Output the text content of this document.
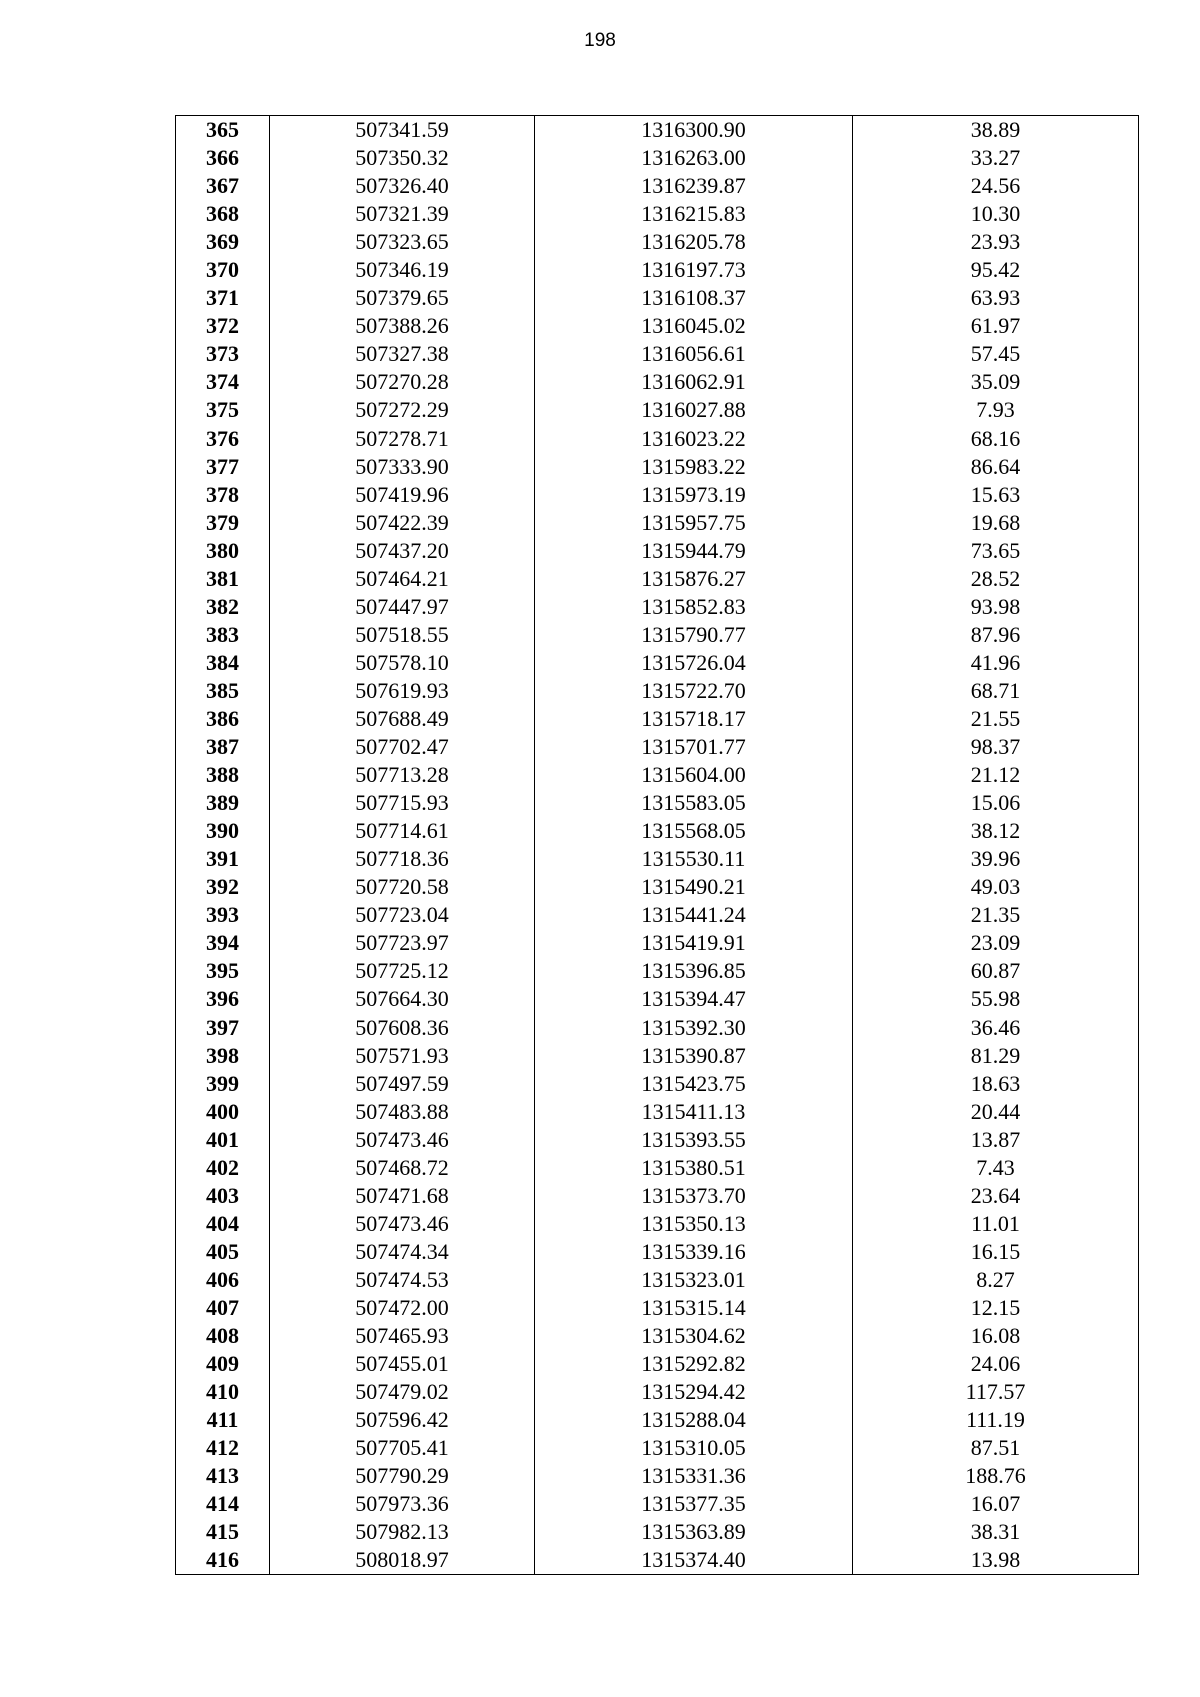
198
365	507341.59	1316300.90	38.89
366	507350.32	1316263.00	33.27
367	507326.40	1316239.87	24.56
368	507321.39	1316215.83	10.30
369	507323.65	1316205.78	23.93
370	507346.19	1316197.73	95.42
371	507379.65	1316108.37	63.93
372	507388.26	1316045.02	61.97
373	507327.38	1316056.61	57.45
374	507270.28	1316062.91	35.09
375	507272.29	1316027.88	7.93
376	507278.71	1316023.22	68.16
377	507333.90	1315983.22	86.64
378	507419.96	1315973.19	15.63
379	507422.39	1315957.75	19.68
380	507437.20	1315944.79	73.65
381	507464.21	1315876.27	28.52
382	507447.97	1315852.83	93.98
383	507518.55	1315790.77	87.96
384	507578.10	1315726.04	41.96
385	507619.93	1315722.70	68.71
386	507688.49	1315718.17	21.55
387	507702.47	1315701.77	98.37
388	507713.28	1315604.00	21.12
389	507715.93	1315583.05	15.06
390	507714.61	1315568.05	38.12
391	507718.36	1315530.11	39.96
392	507720.58	1315490.21	49.03
393	507723.04	1315441.24	21.35
394	507723.97	1315419.91	23.09
395	507725.12	1315396.85	60.87
396	507664.30	1315394.47	55.98
397	507608.36	1315392.30	36.46
398	507571.93	1315390.87	81.29
399	507497.59	1315423.75	18.63
400	507483.88	1315411.13	20.44
401	507473.46	1315393.55	13.87
402	507468.72	1315380.51	7.43
403	507471.68	1315373.70	23.64
404	507473.46	1315350.13	11.01
405	507474.34	1315339.16	16.15
406	507474.53	1315323.01	8.27
407	507472.00	1315315.14	12.15
408	507465.93	1315304.62	16.08
409	507455.01	1315292.82	24.06
410	507479.02	1315294.42	117.57
411	507596.42	1315288.04	111.19
412	507705.41	1315310.05	87.51
413	507790.29	1315331.36	188.76
414	507973.36	1315377.35	16.07
415	507982.13	1315363.89	38.31
416	508018.97	1315374.40	13.98
